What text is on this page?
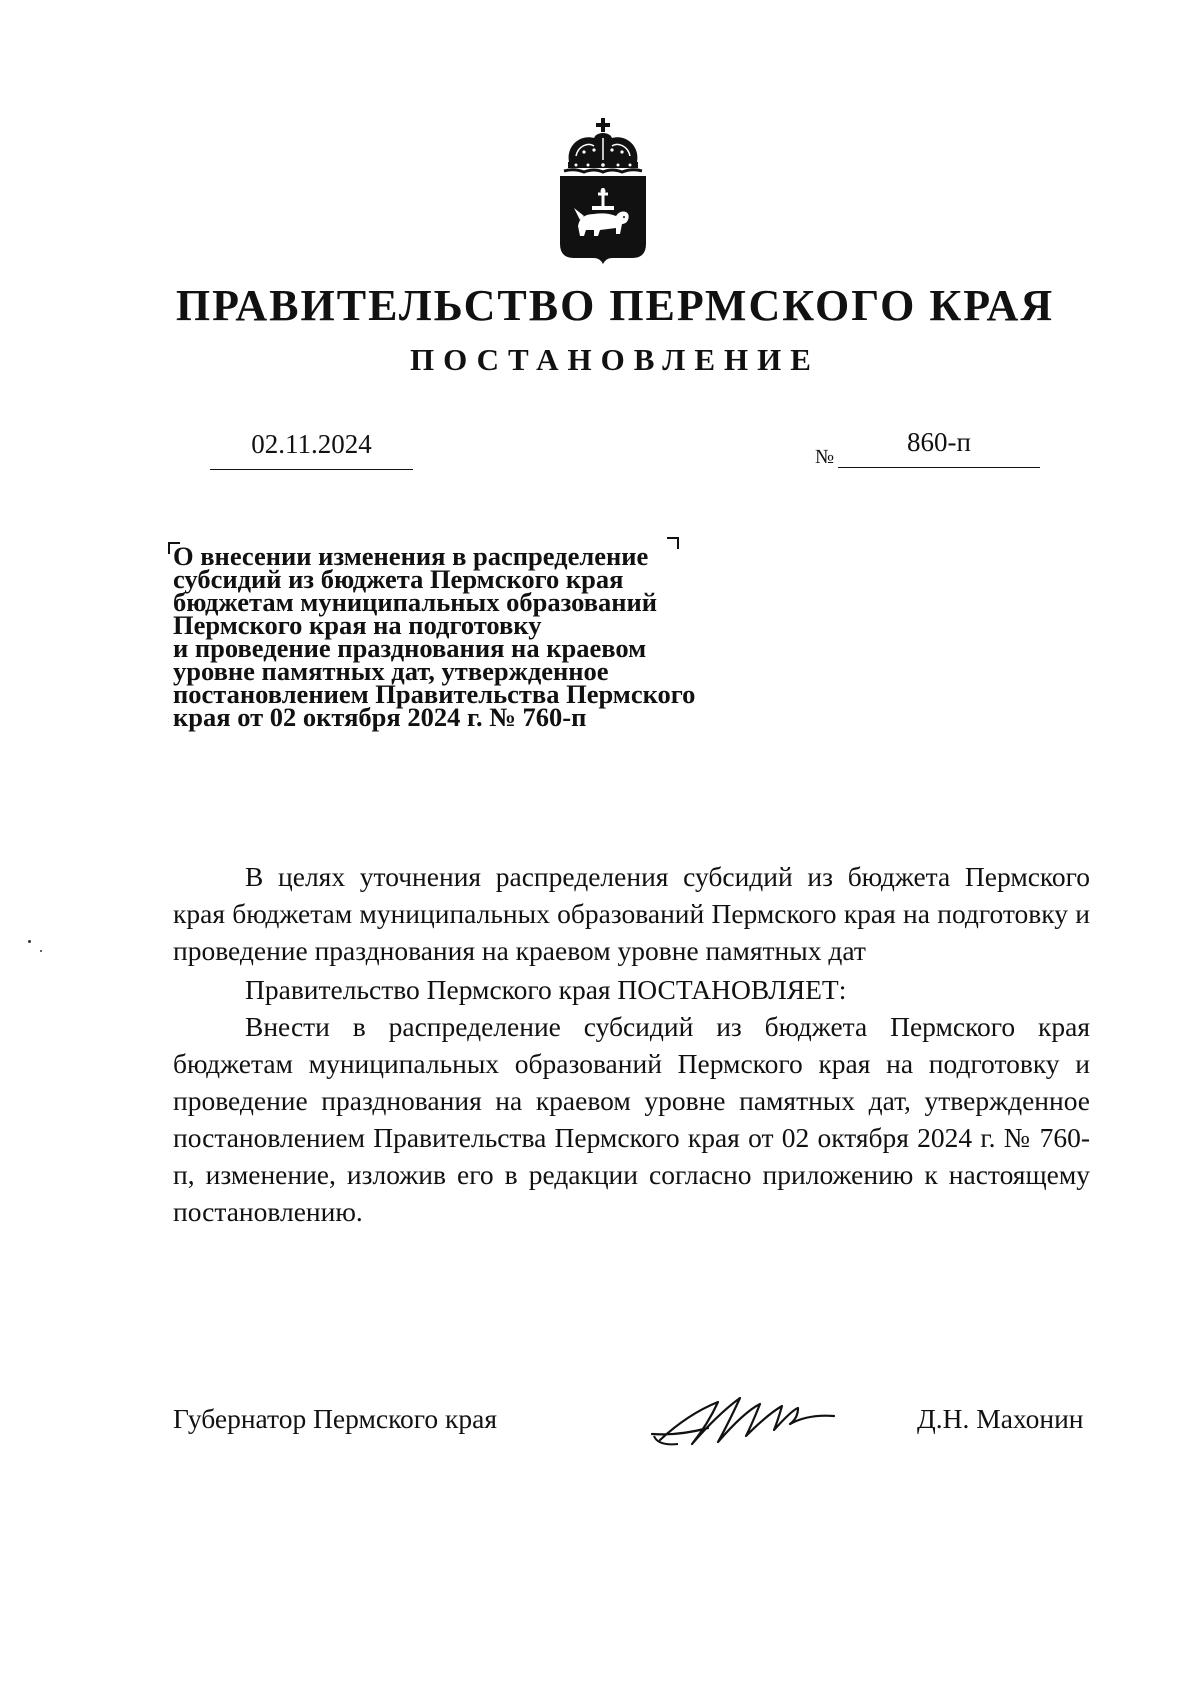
ПРАВИТЕЛЬСТВО ПЕРМСКОГО КРАЯ
ПОСТАНОВЛЕНИЕ
02.11.2024	№	860-п
О внесении изменения в распределение
субсидий из бюджета Пермского края
бюджетам муниципальных образований
Пермского края на подготовку
и проведение празднования на краевом
уровне памятных дат, утвержденное
постановлением Правительства Пермского
края от 02 октября 2024 г. № 760-п

В целях уточнения распределения субсидий из бюджета Пермского края бюджетам муниципальных образований Пермского края на подготовку и проведение празднования на краевом уровне памятных дат

Правительство Пермского края ПОСТАНОВЛЯЕТ:

Внести в распределение субсидий из бюджета Пермского края бюджетам муниципальных образований Пермского края на подготовку и проведение празднования на краевом уровне памятных дат, утвержденное постановлением Правительства Пермского края от 02 октября 2024 г. № 760-п, изменение, изложив его в редакции согласно приложению к настоящему постановлению.

Губернатор Пермского края	Д.Н. Махонин
